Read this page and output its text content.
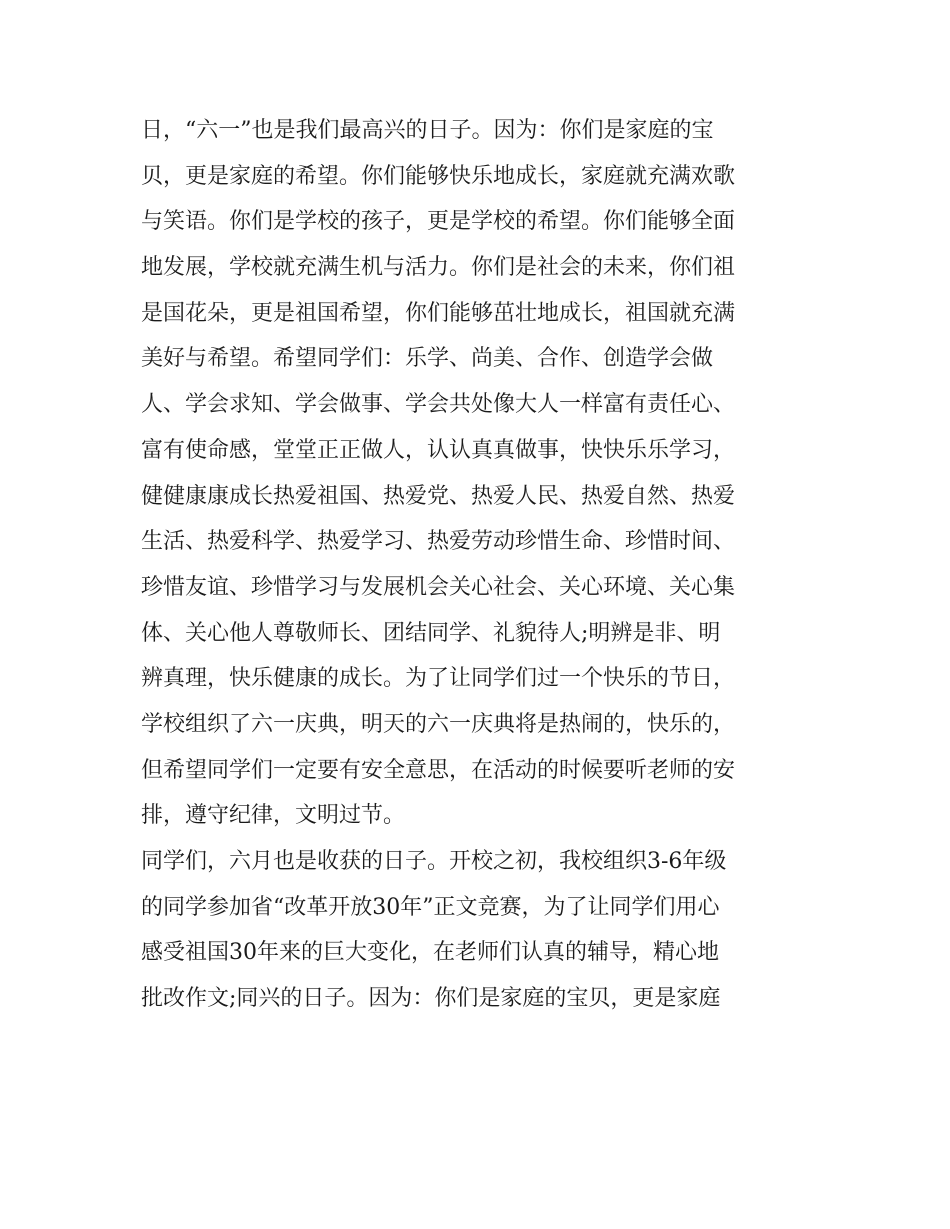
日，“六一”也是我们最高兴的日子。因为：你们是家庭的宝

贝，更是家庭的希望。你们能够快乐地成长，家庭就充满欢歌

与笑语。你们是学校的孩子，更是学校的希望。你们能够全面

地发展，学校就充满生机与活力。你们是社会的未来，你们祖

是国花朵，更是祖国希望，你们能够茁壮地成长，祖国就充满

美好与希望。希望同学们：乐学、尚美、合作、创造学会做

人、学会求知、学会做事、学会共处像大人一样富有责任心、

富有使命感，堂堂正正做人，认认真真做事，快快乐乐学习，

健健康康成长热爱祖国、热爱党、热爱人民、热爱自然、热爱

生活、热爱科学、热爱学习、热爱劳动珍惜生命、珍惜时间、

珍惜友谊、珍惜学习与发展机会关心社会、关心环境、关心集

体、关心他人尊敬师长、团结同学、礼貌待人;明辨是非、明

辨真理，快乐健康的成长。为了让同学们过一个快乐的节日，

学校组织了六一庆典，明天的六一庆典将是热闹的，快乐的，

但希望同学们一定要有安全意思，在活动的时候要听老师的安

排，遵守纪律，文明过节。

同学们，六月也是收获的日子。开校之初，我校组织3-6年级

的同学参加省“改革开放30年”正文竞赛，为了让同学们用心

感受祖国30年来的巨大变化，在老师们认真的辅导，精心地

批改作文;同兴的日子。因为：你们是家庭的宝贝，更是家庭
